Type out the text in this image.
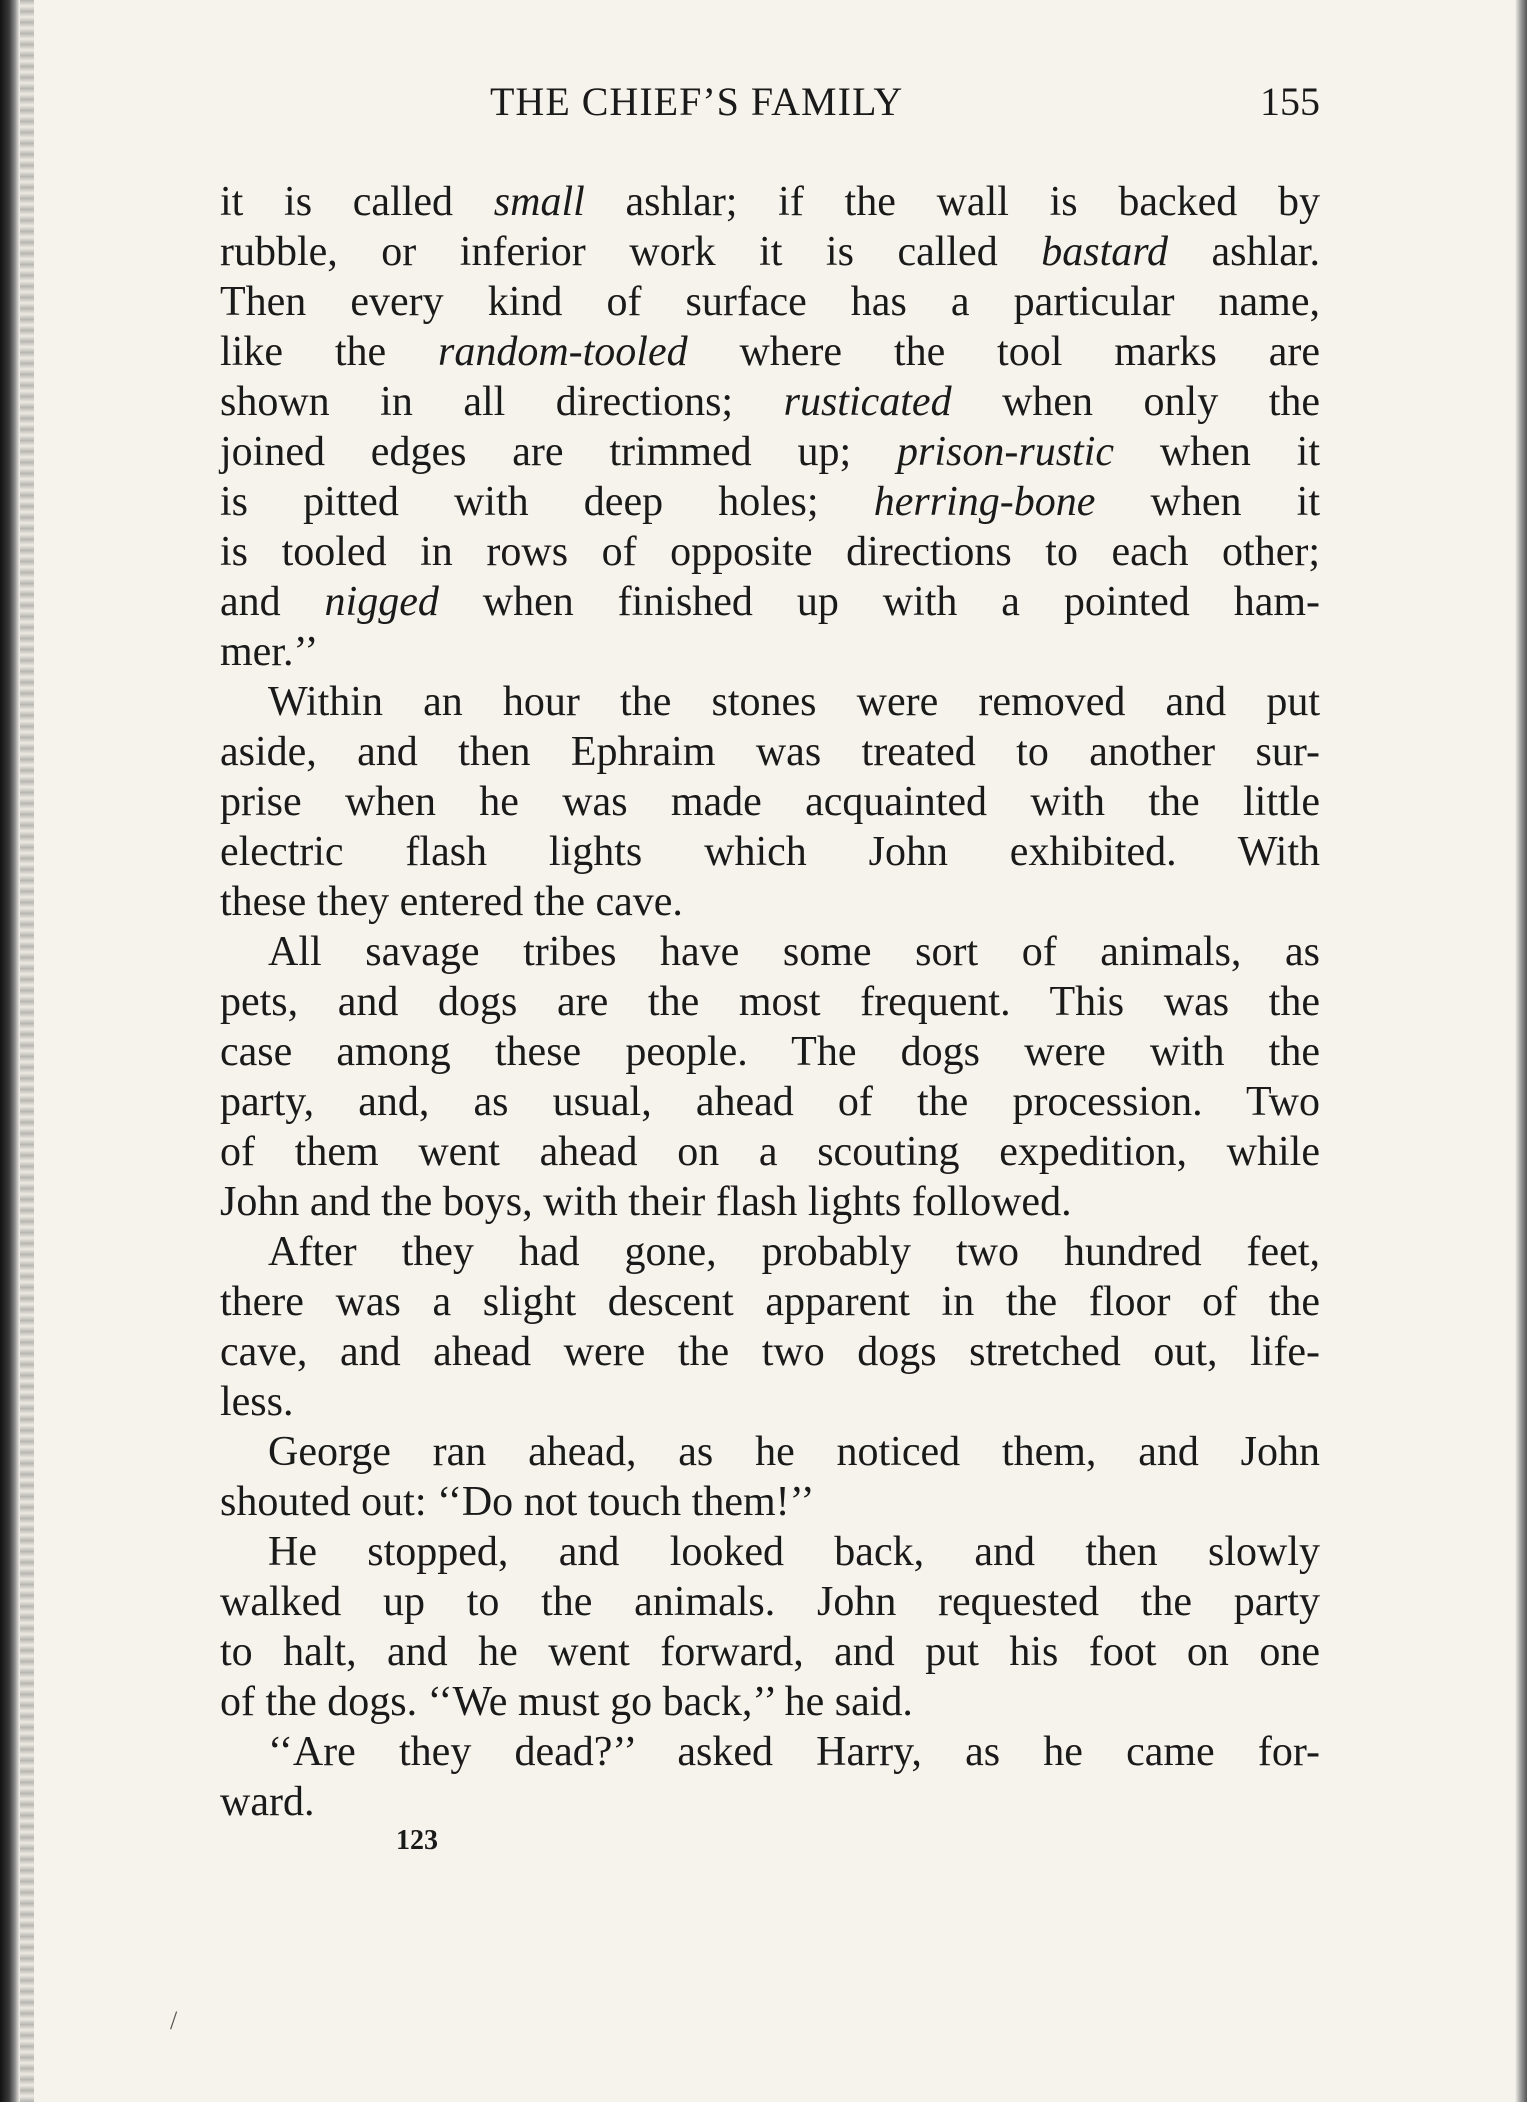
THE CHIEF’S FAMILY	155
it is called small ashlar; if the wall is backed by
rubble, or inferior work it is called bastard ashlar.
Then every kind of surface has a particular name,
like the random-tooled where the tool marks are
shown in all directions; rusticated when only the
joined edges are trimmed up; prison-rustic when it
is pitted with deep holes; herring-bone when it
is tooled in rows of opposite directions to each other;
and nigged when finished up with a pointed ham-
mer.’’
Within an hour the stones were removed and put
aside, and then Ephraim was treated to another sur-
prise when he was made acquainted with the little
electric flash lights which John exhibited. With
these they entered the cave.
All savage tribes have some sort of animals, as
pets, and dogs are the most frequent. This was the
case among these people. The dogs were with the
party, and, as usual, ahead of the procession. Two
of them went ahead on a scouting expedition, while
John and the boys, with their flash lights followed.
After they had gone, probably two hundred feet,
there was a slight descent apparent in the floor of the
cave, and ahead were the two dogs stretched out, life-
less.
George ran ahead, as he noticed them, and John
shouted out: ‘‘Do not touch them!’’
He stopped, and looked back, and then slowly
walked up to the animals. John requested the party
to halt, and he went forward, and put his foot on one
of the dogs. ‘‘We must go back,’’ he said.
‘‘Are they dead?’’ asked Harry, as he came for-
ward.
123
/
